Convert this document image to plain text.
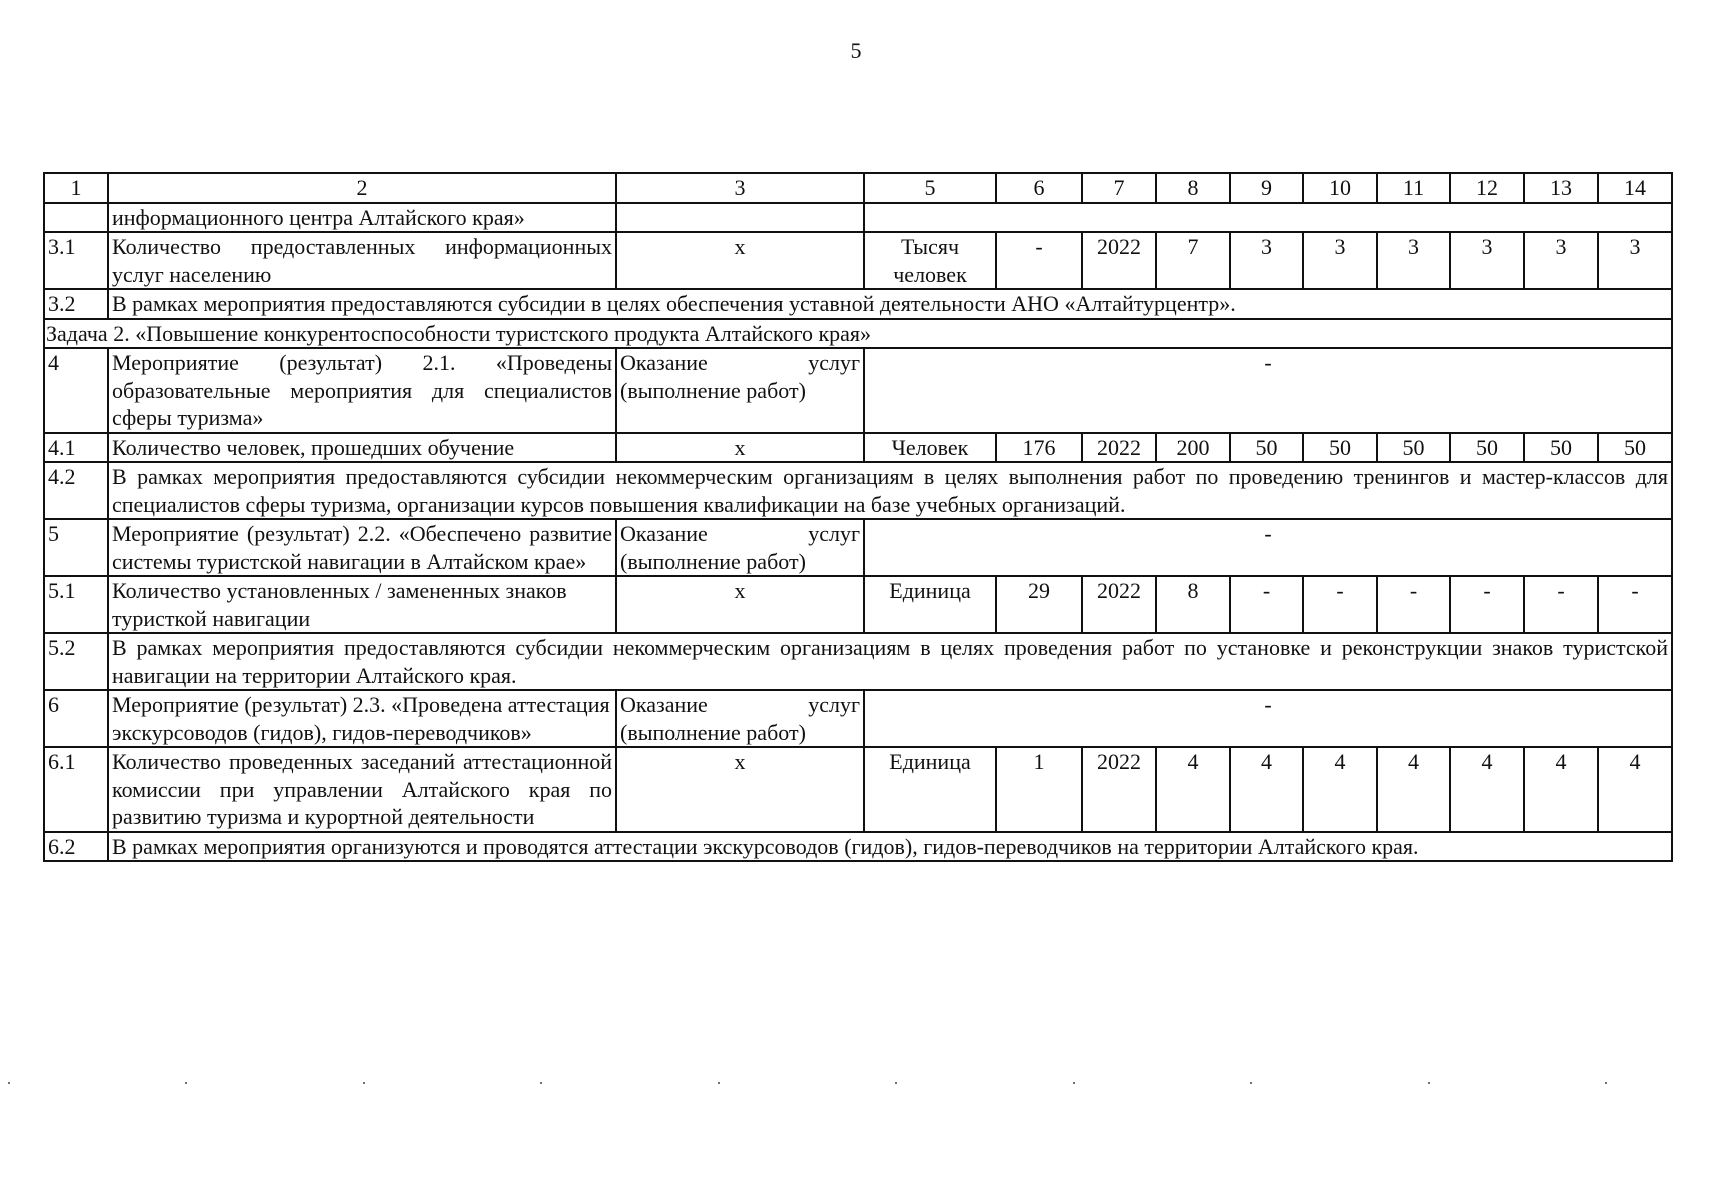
5
1	2	3	5	6	7	8	9	10	11	12	13	14
	информационного центра Алтайского края»											
3.1	Количество предоставленных информационных услуг населению	x	Тысяч человек	-	2022	7	3	3	3	3	3	3
3.2	В рамках мероприятия предоставляются субсидии в целях обеспечения уставной деятельности АНО «Алтайтурцентр».											
Задача 2. «Повышение конкурентоспособности туристского продукта Алтайского края»												
4	Мероприятие (результат) 2.1. «Проведены образовательные мероприятия для специалистов сферы туризма»	Оказание услуг (выполнение работ)	-									
4.1	Количество человек, прошедших обучение	x	Человек	176	2022	200	50	50	50	50	50	50
4.2	В рамках мероприятия предоставляются субсидии некоммерческим организациям в целях выполнения работ по проведению тренингов и мастер-классов для специалистов сферы туризма, организации курсов повышения квалификации на базе учебных организаций.											
5	Мероприятие (результат) 2.2. «Обеспечено развитие системы туристской навигации в Алтайском крае»	Оказание услуг (выполнение работ)	-									
5.1	Количество установленных / замененных знаков туристкой навигации	x	Единица	29	2022	8	-	-	-	-	-	-
5.2	В рамках мероприятия предоставляются субсидии некоммерческим организациям в целях проведения работ по установке и реконструкции знаков туристской навигации на территории Алтайского края.											
6	Мероприятие (результат) 2.3. «Проведена аттестация экскурсоводов (гидов), гидов-переводчиков»	Оказание услуг (выполнение работ)	-									
6.1	Количество проведенных заседаний аттестационной комиссии при управлении Алтайского края по развитию туризма и курортной деятельности	x	Единица	1	2022	4	4	4	4	4	4	4
6.2	В рамках мероприятия организуются и проводятся аттестации экскурсоводов (гидов), гидов-переводчиков на территории Алтайского края.											
